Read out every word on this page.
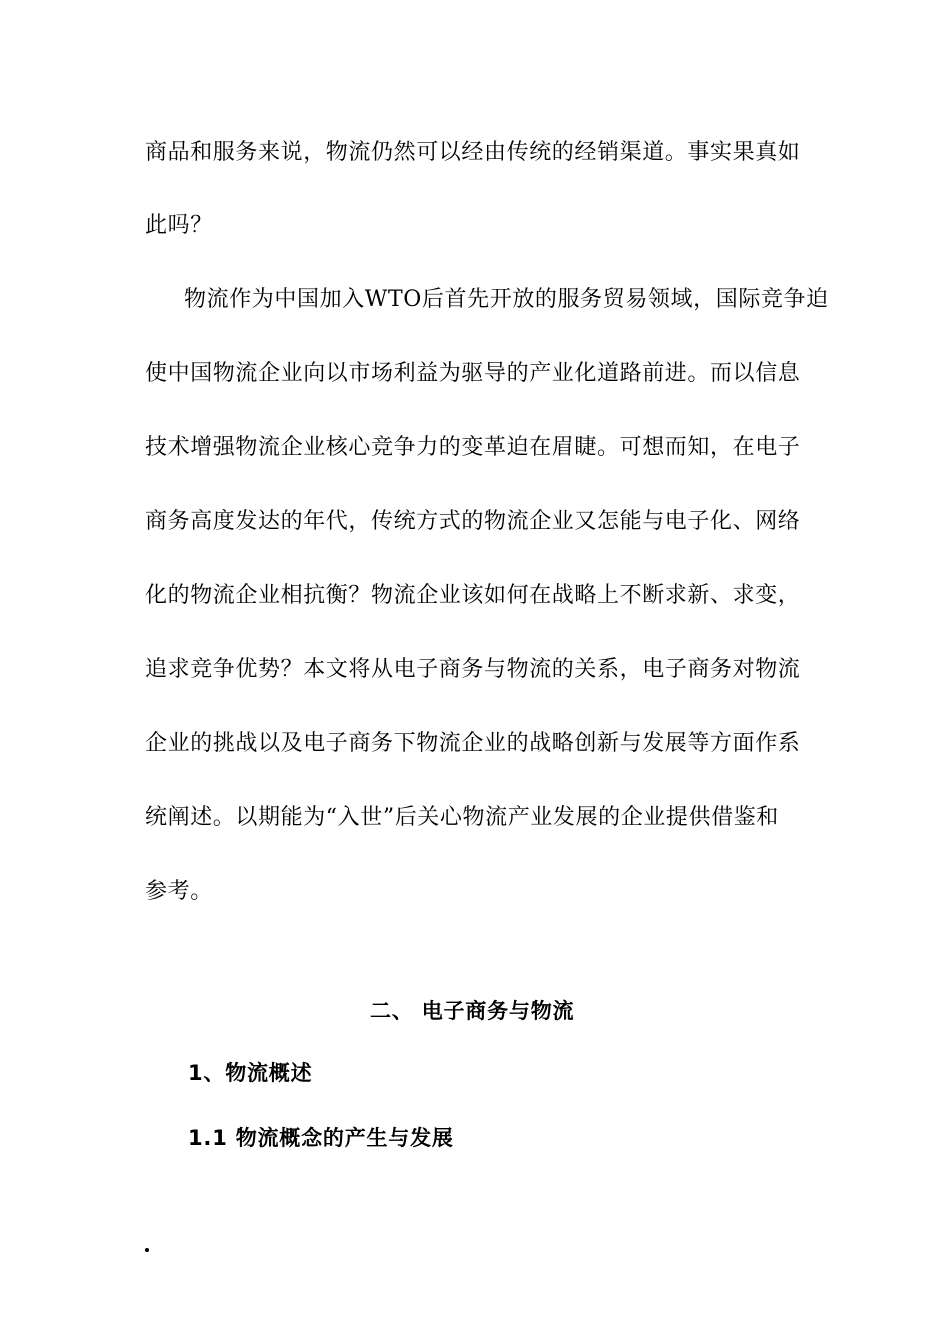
商品和服务来说，物流仍然可以经由传统的经销渠道。事实果真如
此吗？
物流作为中国加入WTO后首先开放的服务贸易领域，国际竞争迫
使中国物流企业向以市场利益为驱导的产业化道路前进。而以信息
技术增强物流企业核心竞争力的变革迫在眉睫。可想而知，在电子
商务高度发达的年代，传统方式的物流企业又怎能与电子化、网络
化的物流企业相抗衡？物流企业该如何在战略上不断求新、求变，
追求竞争优势？本文将从电子商务与物流的关系，电子商务对物流
企业的挑战以及电子商务下物流企业的战略创新与发展等方面作系
统阐述。以期能为“入世”后关心物流产业发展的企业提供借鉴和
参考。
二、 电子商务与物流
1、物流概述
1.1 物流概念的产生与发展
